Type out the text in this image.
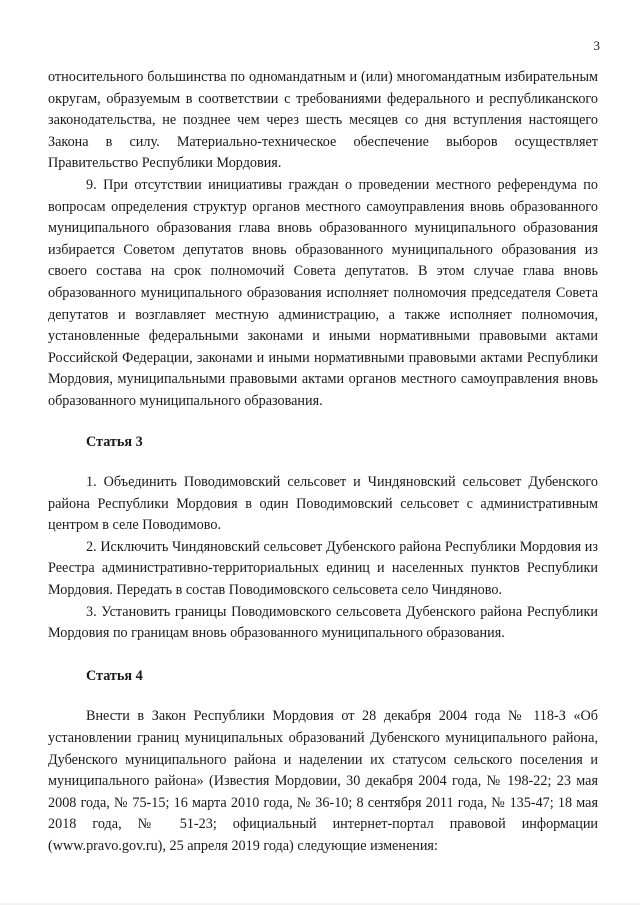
3

относительного большинства по одномандатным и (или) многомандатным избирательным округам, образуемым в соответствии с требованиями федерального и республиканского законодательства, не позднее чем через шесть месяцев со дня вступления настоящего Закона в силу. Материально-техническое обеспечение выборов осуществляет Правительство Республики Мордовия.

9. При отсутствии инициативы граждан о проведении местного референдума по вопросам определения структур органов местного самоуправления вновь образованного муниципального образования глава вновь образованного муниципального образования избирается Советом депутатов вновь образованного муниципального образования из своего состава на срок полномочий Совета депутатов. В этом случае глава вновь образованного муниципального образования исполняет полномочия председателя Совета депутатов и возглавляет местную администрацию, а также исполняет полномочия, установленные федеральными законами и иными нормативными правовыми актами Российской Федерации, законами и иными нормативными правовыми актами Республики Мордовия, муниципальными правовыми актами органов местного самоуправления вновь образованного муниципального образования.

Статья 3

1. Объединить Поводимовский сельсовет и Чиндяновский сельсовет Дубенского района Республики Мордовия в один Поводимовский сельсовет с административным центром в селе Поводимово.

2. Исключить Чиндяновский сельсовет Дубенского района Республики Мордовия из Реестра административно-территориальных единиц и населенных пунктов Республики Мордовия. Передать в состав Поводимовского сельсовета село Чиндяново.

3. Установить границы Поводимовского сельсовета Дубенского района Республики Мордовия по границам вновь образованного муниципального образования.

Статья 4

Внести в Закон Республики Мордовия от 28 декабря 2004 года № 118-З «Об установлении границ муниципальных образований Дубенского муниципального района, Дубенского муниципального района и наделении их статусом сельского поселения и муниципального района» (Известия Мордовии, 30 декабря 2004 года, № 198-22; 23 мая 2008 года, № 75-15; 16 марта 2010 года, № 36-10; 8 сентября 2011 года, № 135-47; 18 мая 2018 года, № 51-23; официальный интернет-портал правовой информации (www.pravo.gov.ru), 25 апреля 2019 года) следующие изменения:
